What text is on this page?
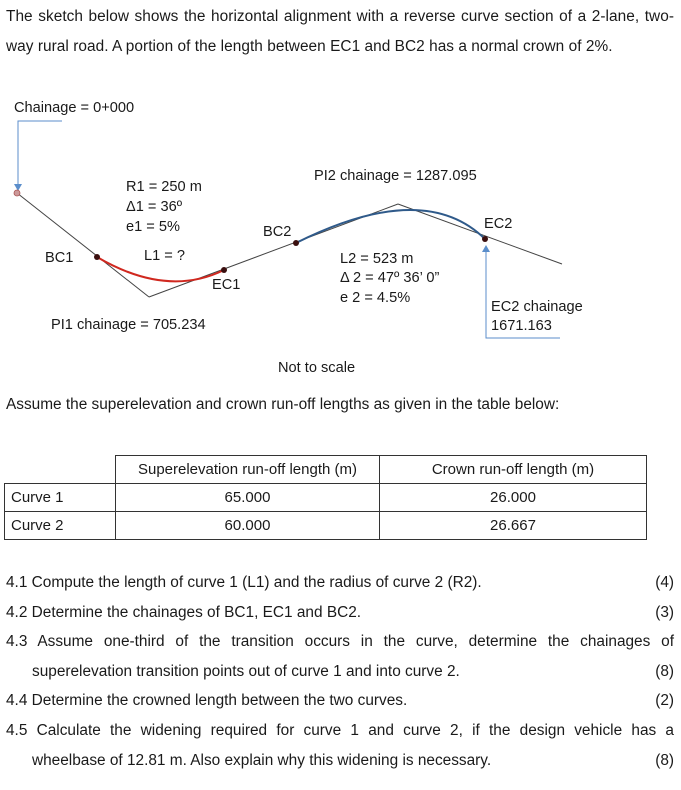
The sketch below shows the horizontal alignment with a reverse curve section of a 2-lane, two-way rural road. A portion of the length between EC1 and BC2 has a normal crown of 2%.
Chainage = 0+000
R1 = 250 m
Δ1 = 36º
e1 = 5%
L1 = ?
BC1
EC1
BC2	EC2
PI1 chainage = 705.234
PI2 chainage = 1287.095
L2 = 523 m
Δ 2 = 47º 36’ 0”
e 2 = 4.5%
EC2 chainage
1671.163
Not to scale
Assume the superelevation and crown run-off lengths as given in the table below:
	Superelevation run-off length (m)	Crown run-off length (m)
Curve 1	65.000	26.000
Curve 2	60.000	26.667
4.1 Compute the length of curve 1 (L1) and the radius of curve 2 (R2).	(4)
4.2 Determine the chainages of BC1, EC1 and BC2.	(3)
4.3 Assume one-third of the transition occurs in the curve, determine the chainages of
superelevation transition points out of curve 1 and into curve 2.	(8)
4.4 Determine the crowned length between the two curves.	(2)
4.5 Calculate the widening required for curve 1 and curve 2, if the design vehicle has a
wheelbase of 12.81 m. Also explain why this widening is necessary.	(8)
